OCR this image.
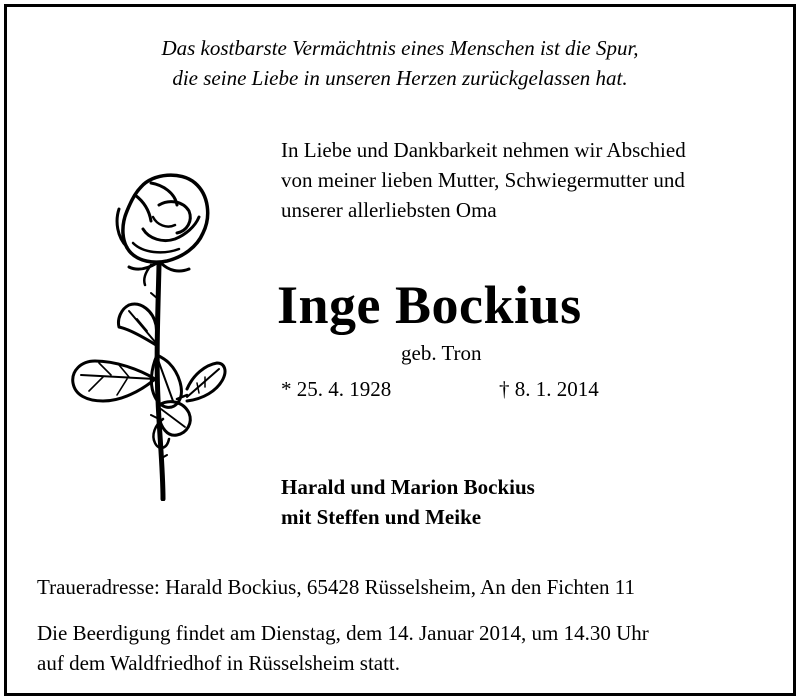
Das kostbarste Vermächtnis eines Menschen ist die Spur,
die seine Liebe in unseren Herzen zurückgelassen hat.
In Liebe und Dankbarkeit nehmen wir Abschied
von meiner lieben Mutter, Schwiegermutter und
unserer allerliebsten Oma
Inge Bockius
geb. Tron
* 25. 4. 1928	† 8. 1. 2014
Harald und Marion Bockius
mit Steffen und Meike
Traueradresse: Harald Bockius, 65428 Rüsselsheim, An den Fichten 11
Die Beerdigung findet am Dienstag, dem 14. Januar 2014, um 14.30 Uhr
auf dem Waldfriedhof in Rüsselsheim statt.
